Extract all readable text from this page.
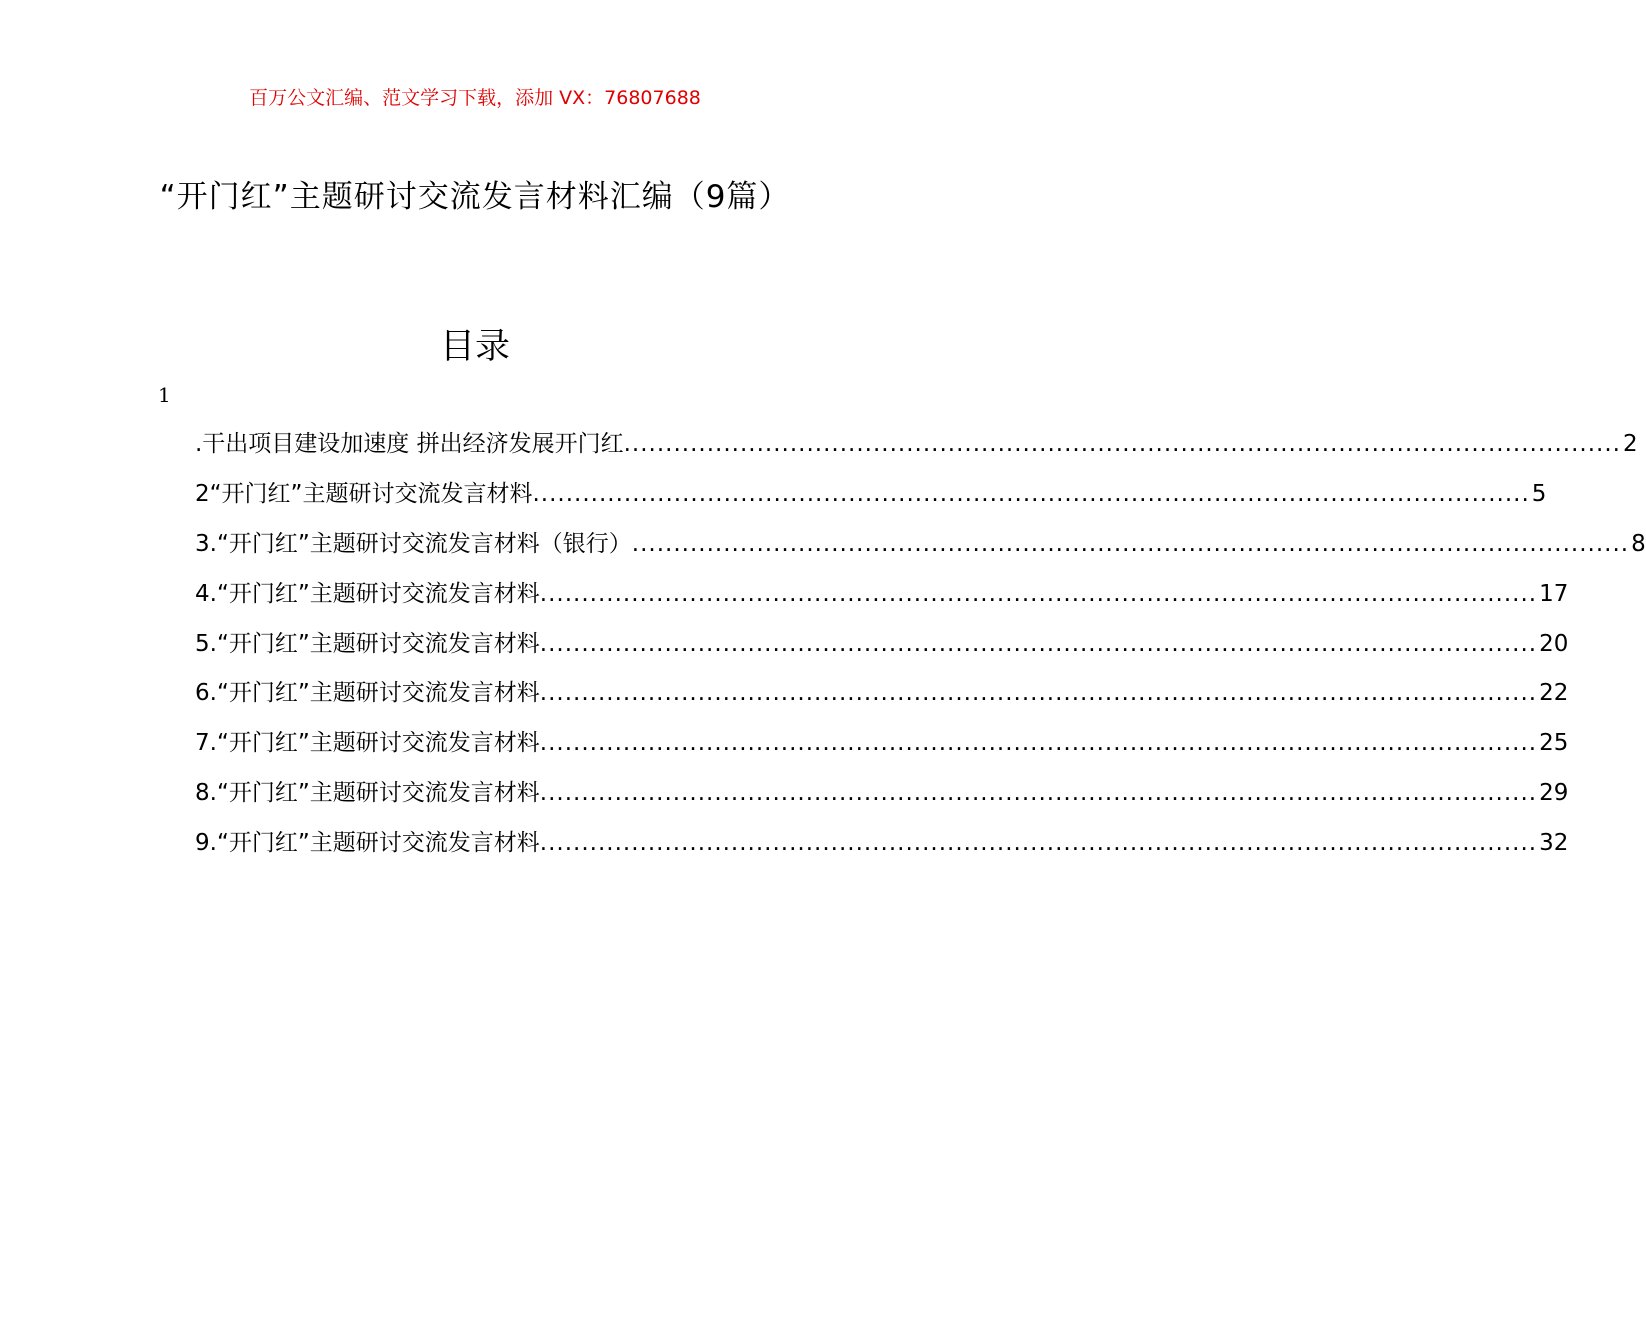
百万公文汇编、范文学习下载，添加 VX：76807688
“开门红”主题研讨交流发言材料汇编（9篇）
目录
1
.干出项目建设加速度 拼出经济发展开门红 ........................................................................................................................ 2
2“开门红”主题研讨交流发言材料 ........................................................................................................................ 5
3.“开门红”主题研讨交流发言材料（银行） ........................................................................................................................ 8
4.“开门红”主题研讨交流发言材料 ........................................................................................................................ 17
5.“开门红”主题研讨交流发言材料 ........................................................................................................................ 20
6.“开门红”主题研讨交流发言材料 ........................................................................................................................ 22
7.“开门红”主题研讨交流发言材料 ........................................................................................................................ 25
8.“开门红”主题研讨交流发言材料 ........................................................................................................................ 29
9.“开门红”主题研讨交流发言材料 ........................................................................................................................ 32
